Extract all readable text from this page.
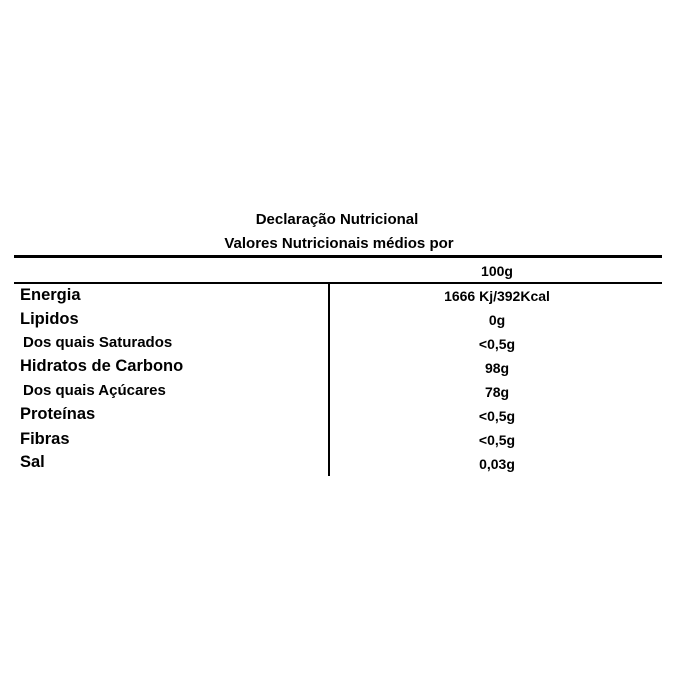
Declaração Nutricional
Valores Nutricionais médios por
100g
Energia	1666 Kj/392Kcal
Lipidos	0g
Dos quais Saturados	<0,5g
Hidratos de Carbono	98g
Dos quais Açúcares	78g
Proteínas	<0,5g
Fibras	<0,5g
Sal	0,03g
